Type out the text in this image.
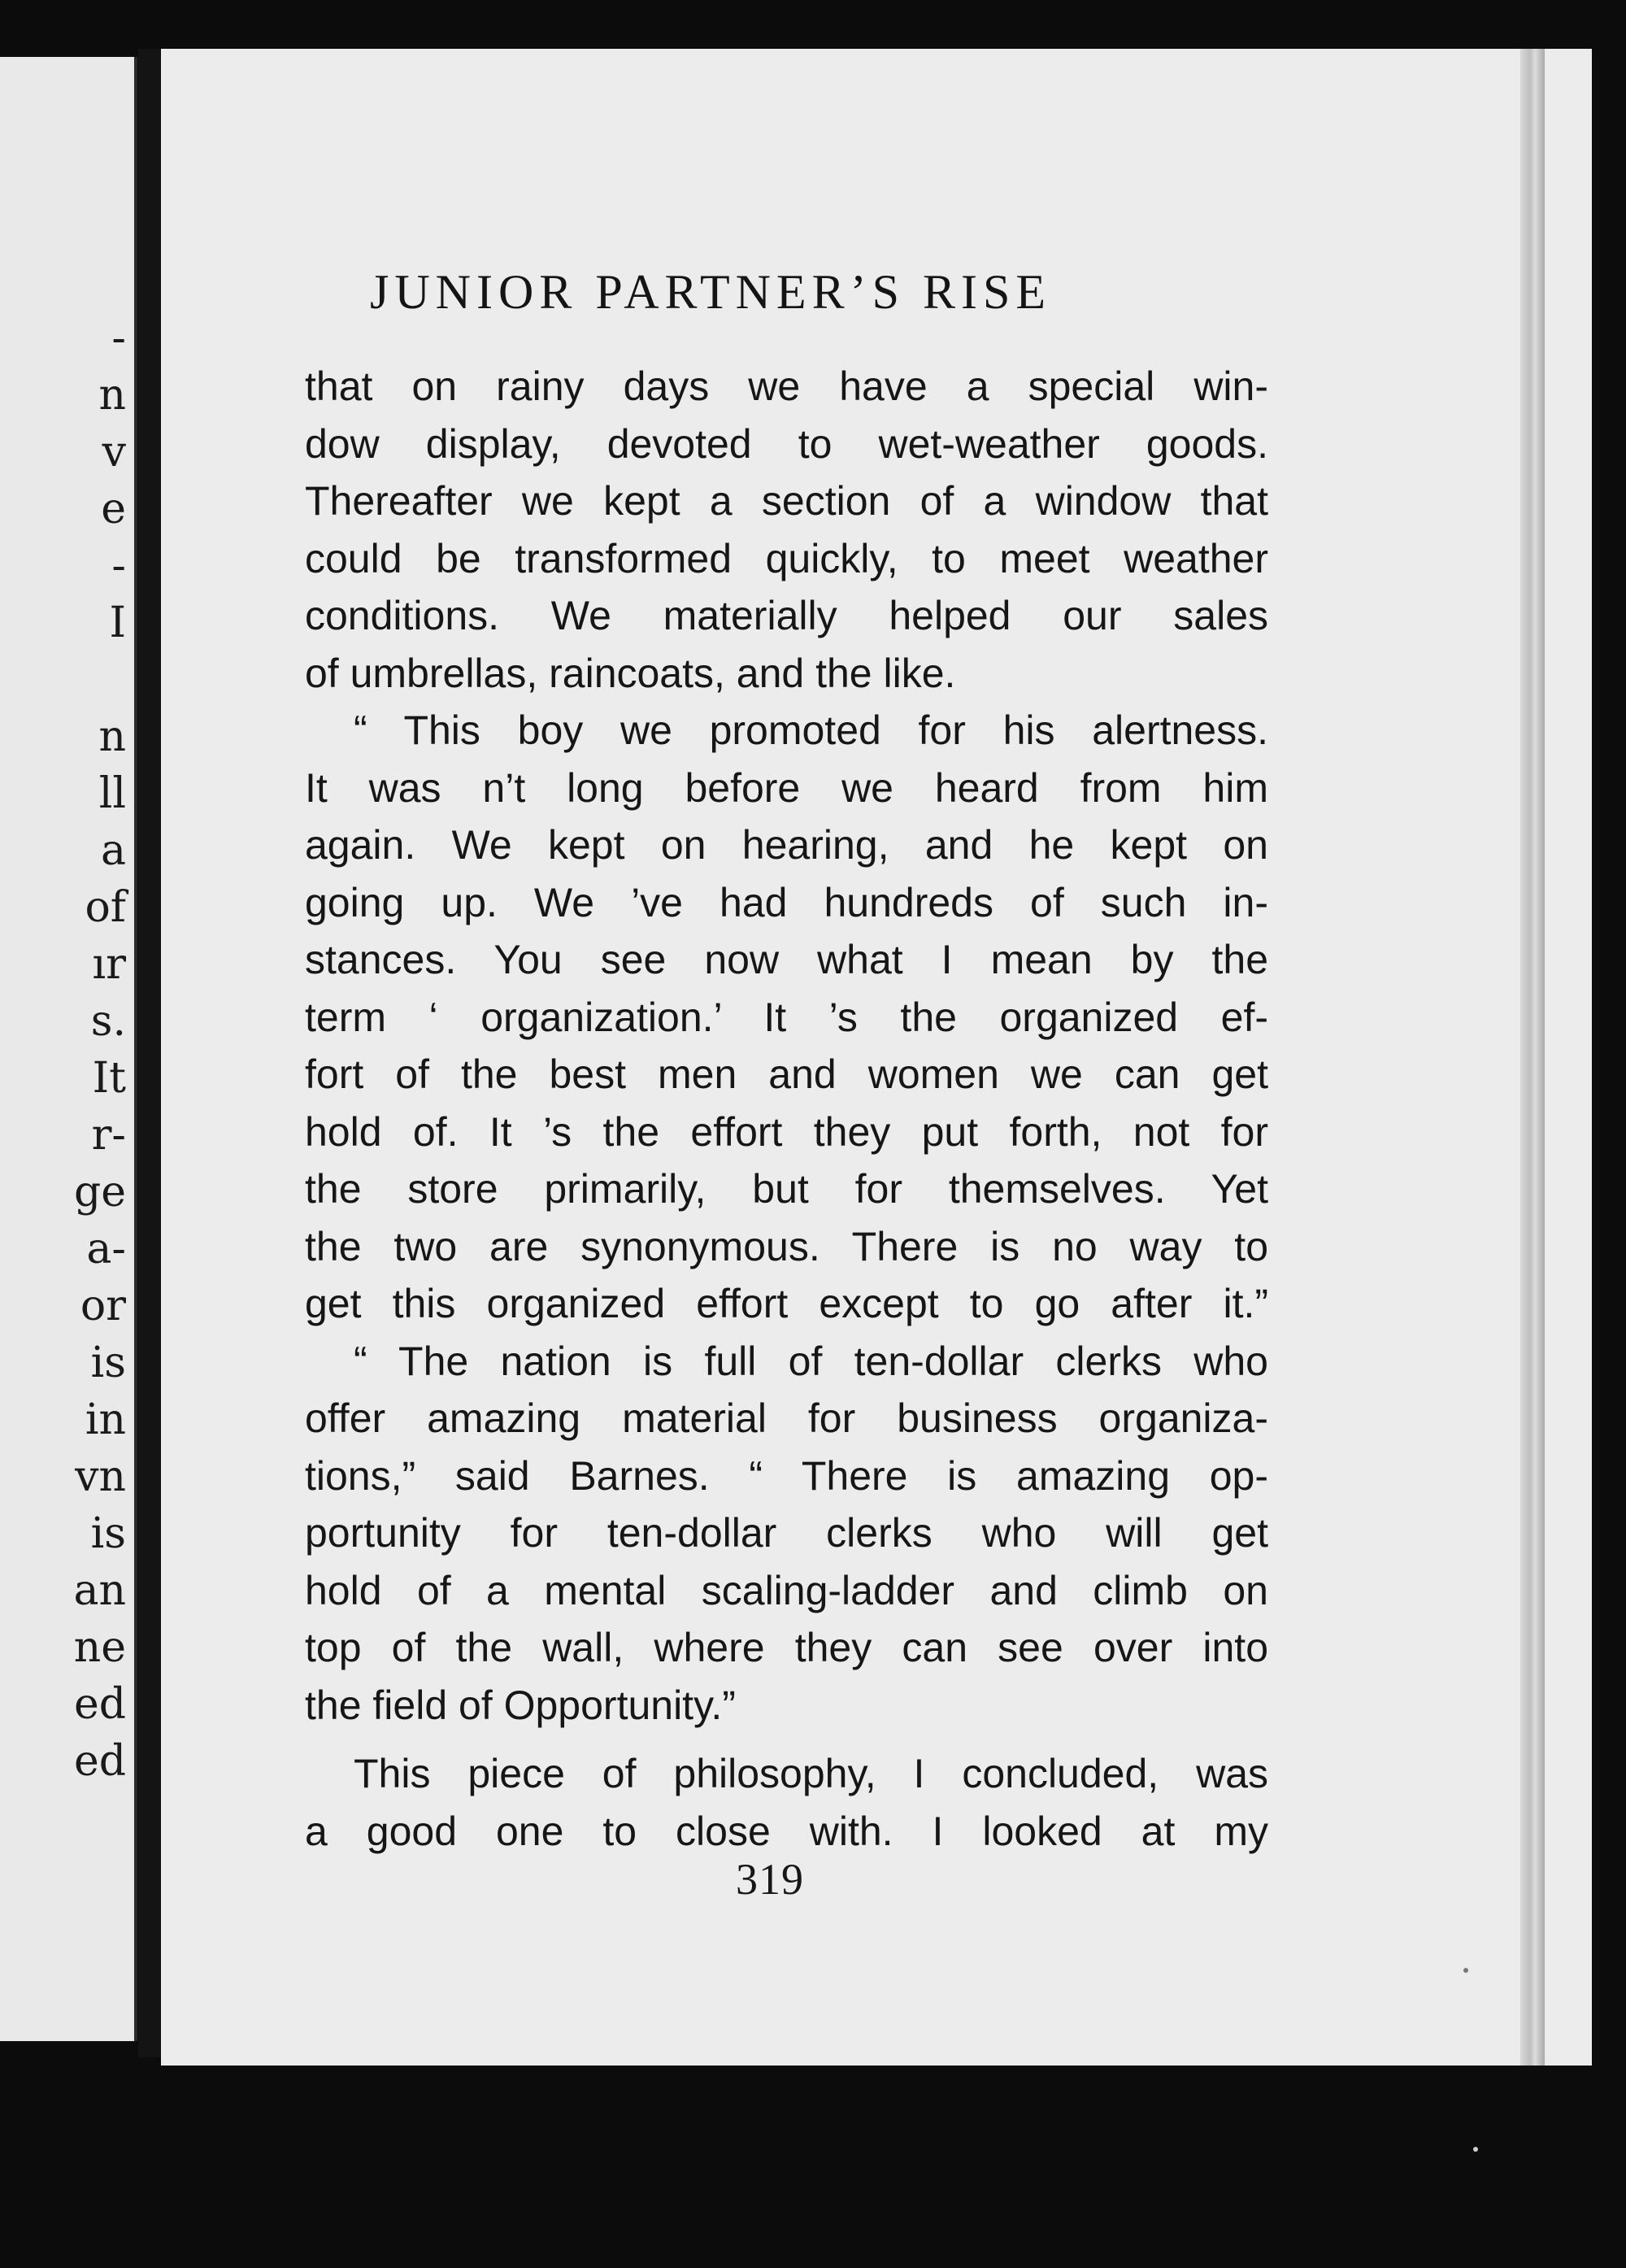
-
n
v
e
-
I
n
ll
a
of
ır
s.
It
r-
ge
a-
or
is
in
vn
is
an
ne
ed
ed
JUNIOR PARTNER’S RISE
that on rainy days we have a special win-
dow display, devoted to wet-weather goods.
Thereafter we kept a section of a window that
could be transformed quickly, to meet weather
conditions. We materially helped our sales
of umbrellas, raincoats, and the like.
“ This boy we promoted for his alertness.
It was n’t long before we heard from him
again. We kept on hearing, and he kept on
going up. We ’ve had hundreds of such in-
stances. You see now what I mean by the
term ‘ organization.’ It ’s the organized ef-
fort of the best men and women we can get
hold of. It ’s the effort they put forth, not for
the store primarily, but for themselves. Yet
the two are synonymous. There is no way to
get this organized effort except to go after it.”
“ The nation is full of ten-dollar clerks who
offer amazing material for business organiza-
tions,” said Barnes. “ There is amazing op-
portunity for ten-dollar clerks who will get
hold of a mental scaling-ladder and climb on
top of the wall, where they can see over into
the field of Opportunity.”
This piece of philosophy, I concluded, was
a good one to close with. I looked at my
319
